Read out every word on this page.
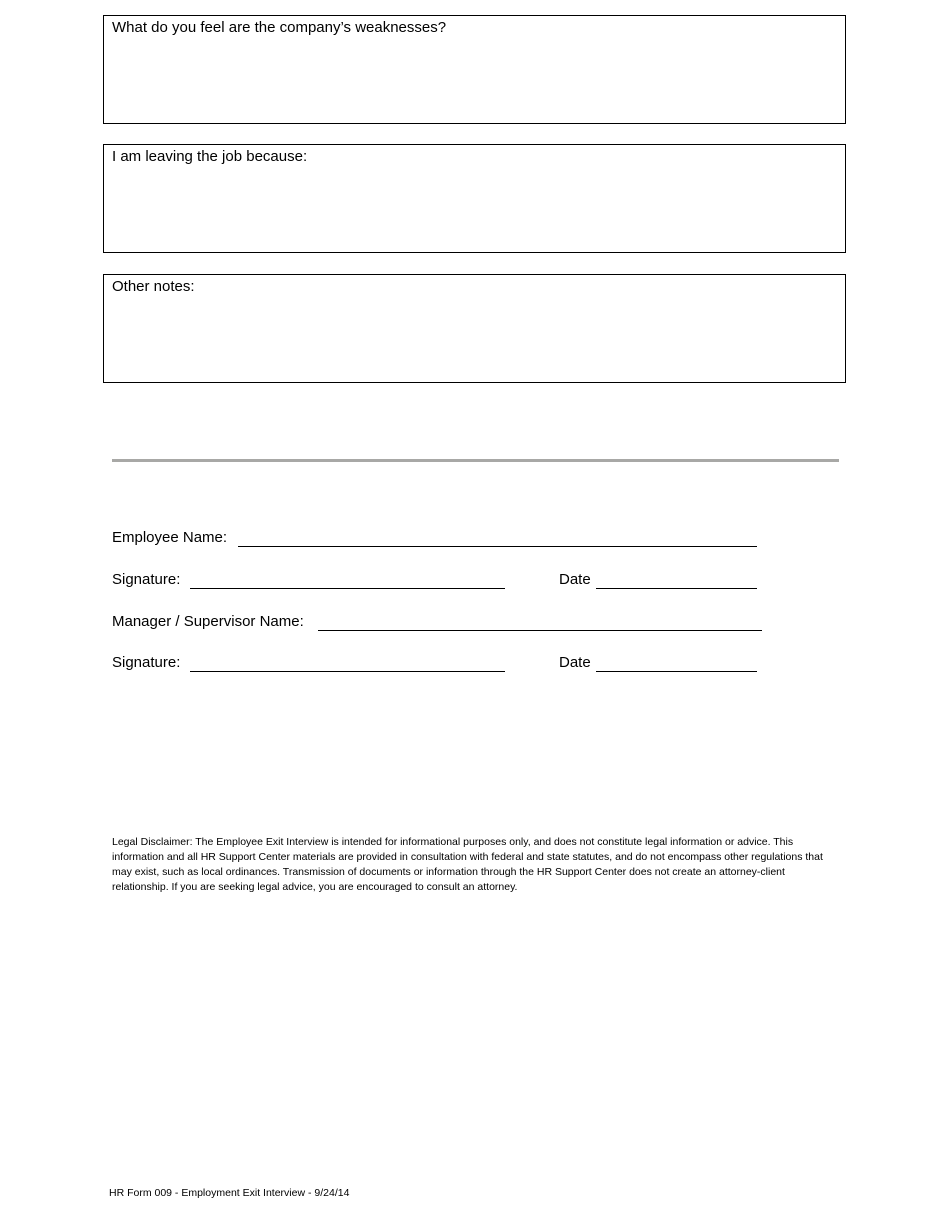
What do you feel are the company’s weaknesses?
I am leaving the job because:
Other notes:
Employee Name:
Signature:	Date
Manager / Supervisor Name:
Signature:	Date
Legal Disclaimer: The Employee Exit Interview is intended for informational purposes only, and does not constitute legal information or advice. This information and all HR Support Center materials are provided in consultation with federal and state statutes, and do not encompass other regulations that may exist, such as local ordinances. Transmission of documents or information through the HR Support Center does not create an attorney-client relationship. If you are seeking legal advice, you are encouraged to consult an attorney.
HR Form 009 - Employment Exit Interview - 9/24/14
